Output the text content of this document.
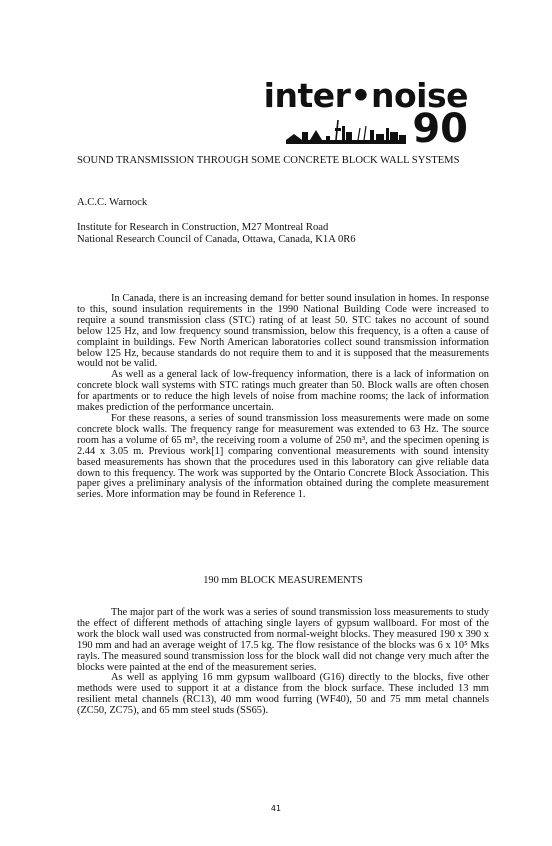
inter•noise
90
SOUND TRANSMISSION THROUGH SOME CONCRETE BLOCK WALL SYSTEMS

A.C.C. Warnock

Institute for Research in Construction, M27 Montreal Road
National Research Council of Canada, Ottawa, Canada, K1A 0R6

In Canada, there is an increasing demand for better sound insulation in homes. In response to this, sound insulation requirements in the 1990 National Building Code were increased to require a sound transmission class (STC) rating of at least 50. STC takes no account of sound below 125 Hz, and low frequency sound transmission, below this frequency, is a often a cause of complaint in buildings. Few North American laboratories collect sound transmission information below 125 Hz, because standards do not require them to and it is supposed that the measurements would not be valid.

As well as a general lack of low-frequency information, there is a lack of information on concrete block wall systems with STC ratings much greater than 50. Block walls are often chosen for apartments or to reduce the high levels of noise from machine rooms; the lack of information makes prediction of the performance uncertain.

For these reasons, a series of sound transmission loss measurements were made on some concrete block walls. The frequency range for measurement was extended to 63 Hz. The source room has a volume of 65 m³, the receiving room a volume of 250 m³, and the specimen opening is 2.44 x 3.05 m. Previous work[1] comparing conventional measurements with sound intensity based measurements has shown that the procedures used in this laboratory can give reliable data down to this frequency. The work was supported by the Ontario Concrete Block Association. This paper gives a preliminary analysis of the information obtained during the complete measurement series. More information may be found in Reference 1.

190 mm BLOCK MEASUREMENTS

The major part of the work was a series of sound transmission loss measurements to study the effect of different methods of attaching single layers of gypsum wallboard. For most of the work the block wall used was constructed from normal-weight blocks. They measured 190 x 390 x 190 mm and had an average weight of 17.5 kg. The flow resistance of the blocks was 6 x 10⁵ Mks rayls. The measured sound transmission loss for the block wall did not change very much after the blocks were painted at the end of the measurement series.

As well as applying 16 mm gypsum wallboard (G16) directly to the blocks, five other methods were used to support it at a distance from the block surface. These included 13 mm resilient metal channels (RC13), 40 mm wood furring (WF40), 50 and 75 mm metal channels (ZC50, ZC75), and 65 mm steel studs (SS65).

41
